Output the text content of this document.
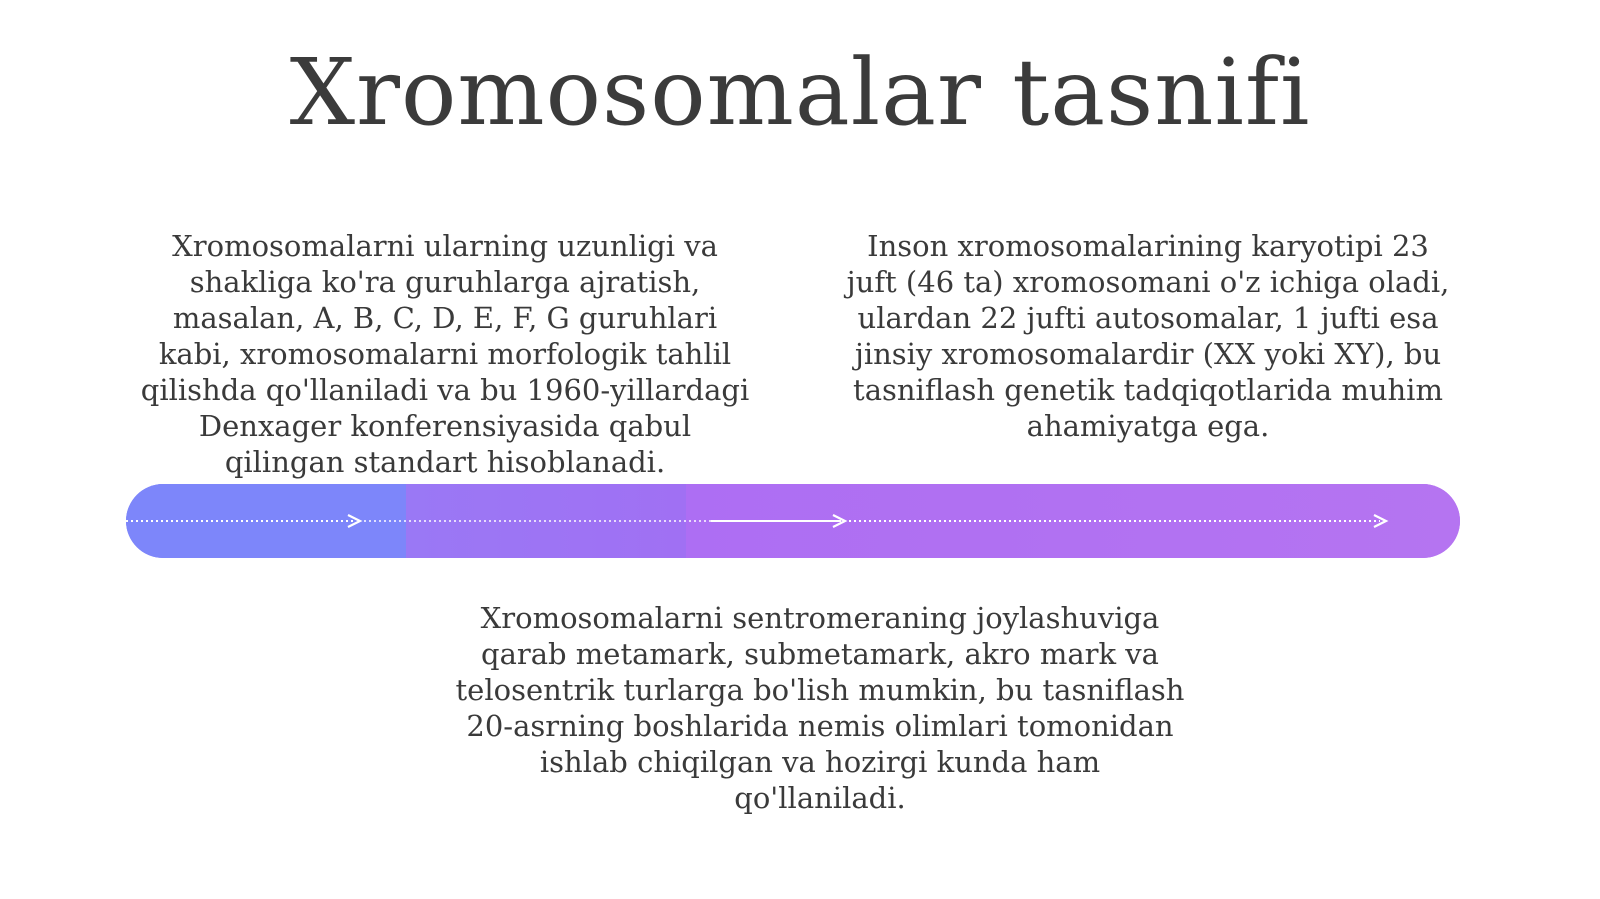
Xromosomalar tasnifi
Xromosomalarni ularning uzunligi va shakliga ko'ra guruhlarga ajratish, masalan, A, B, C, D, E, F, G guruhlari kabi, xromosomalarni morfologik tahlil qilishda qo'llaniladi va bu 1960-yillardagi Denxager konferensiyasida qabul qilingan standart hisoblanadi.
Inson xromosomalarining karyotipi 23 juft (46 ta) xromosomani o'z ichiga oladi, ulardan 22 jufti autosomalar, 1 jufti esa jinsiy xromosomalardir (XX yoki XY), bu tasniflash genetik tadqiqotlarida muhim ahamiyatga ega.
Xromosomalarni sentromeraning joylashuviga qarab metamark, submetamark, akro mark va telosentrik turlarga bo'lish mumkin, bu tasniflash 20-asrning boshlarida nemis olimlari tomonidan ishlab chiqilgan va hozirgi kunda ham qo'llaniladi.
